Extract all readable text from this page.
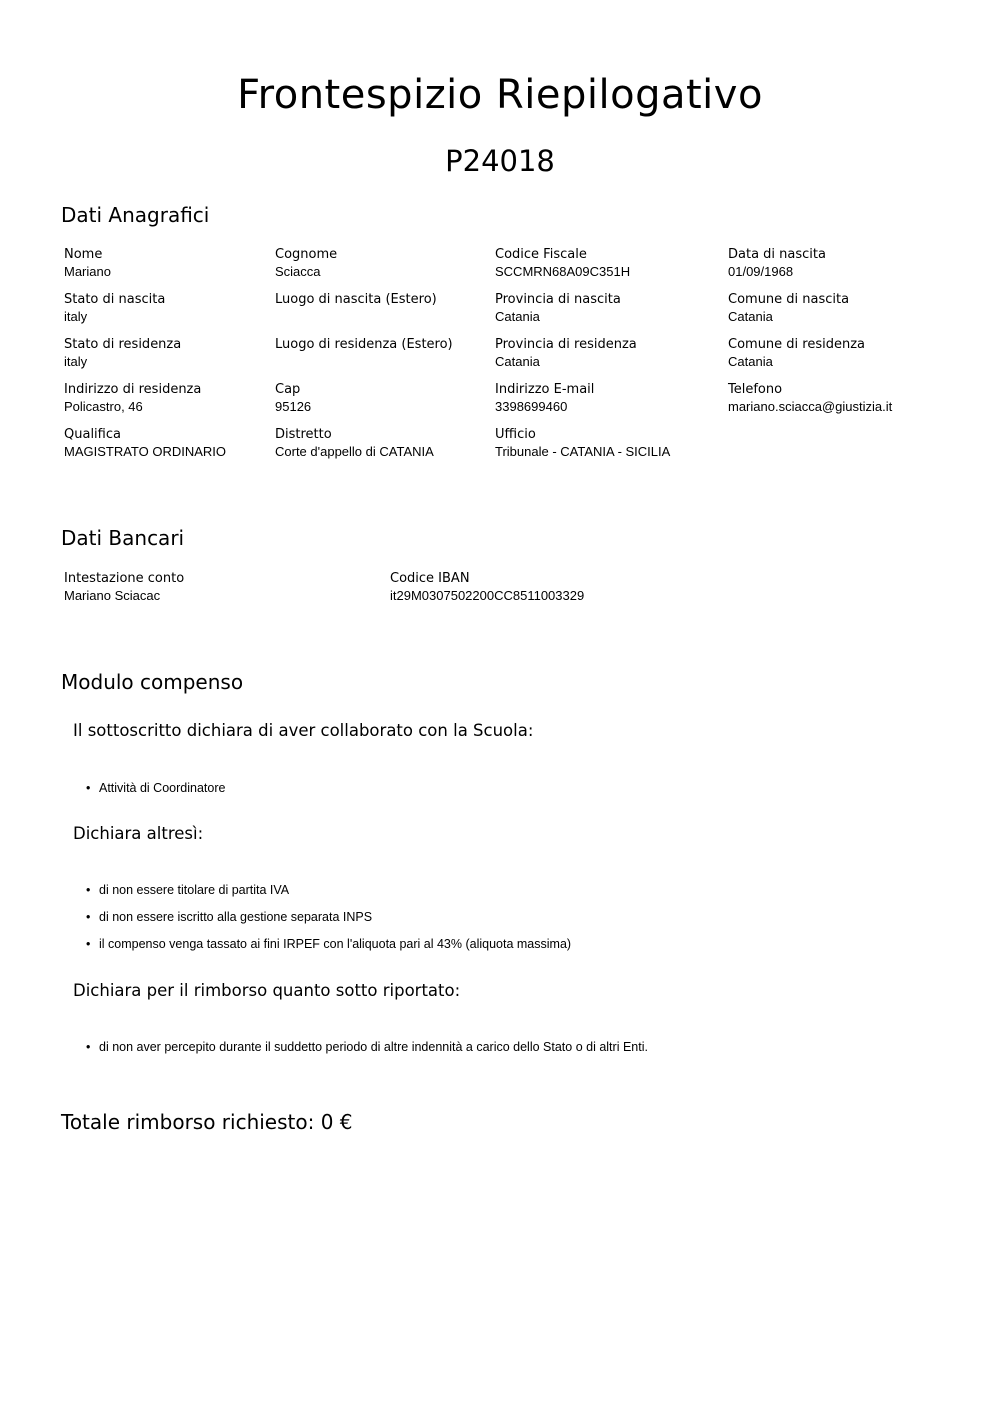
Frontespizio Riepilogativo
P24018
Dati Anagrafici
Nome
Mariano
Cognome
Sciacca
Codice Fiscale
SCCMRN68A09C351H
Data di nascita
01/09/1968
Stato di nascita
italy
Luogo di nascita (Estero)	Provincia di nascita
Catania
Comune di nascita
Catania
Stato di residenza
italy
Luogo di residenza (Estero)	Provincia di residenza
Catania
Comune di residenza
Catania
Indirizzo di residenza
Policastro, 46
Cap
95126
Indirizzo E-mail
3398699460
Telefono
mariano.sciacca@giustizia.it
Qualifica
MAGISTRATO ORDINARIO
Distretto
Corte d'appello di CATANIA
Ufficio
Tribunale - CATANIA - SICILIA
Dati Bancari
Intestazione conto
Mariano Sciacac
Codice IBAN
it29M0307502200CC8511003329
Modulo compenso
Il sottoscritto dichiara di aver collaborato con la Scuola:
• Attività di Coordinatore
Dichiara altresì:
• di non essere titolare di partita IVA
• di non essere iscritto alla gestione separata INPS
• il compenso venga tassato ai fini IRPEF con l'aliquota pari al 43% (aliquota massima)
Dichiara per il rimborso quanto sotto riportato:
• di non aver percepito durante il suddetto periodo di altre indennità a carico dello Stato o di altri Enti.
Totale rimborso richiesto: 0 €
